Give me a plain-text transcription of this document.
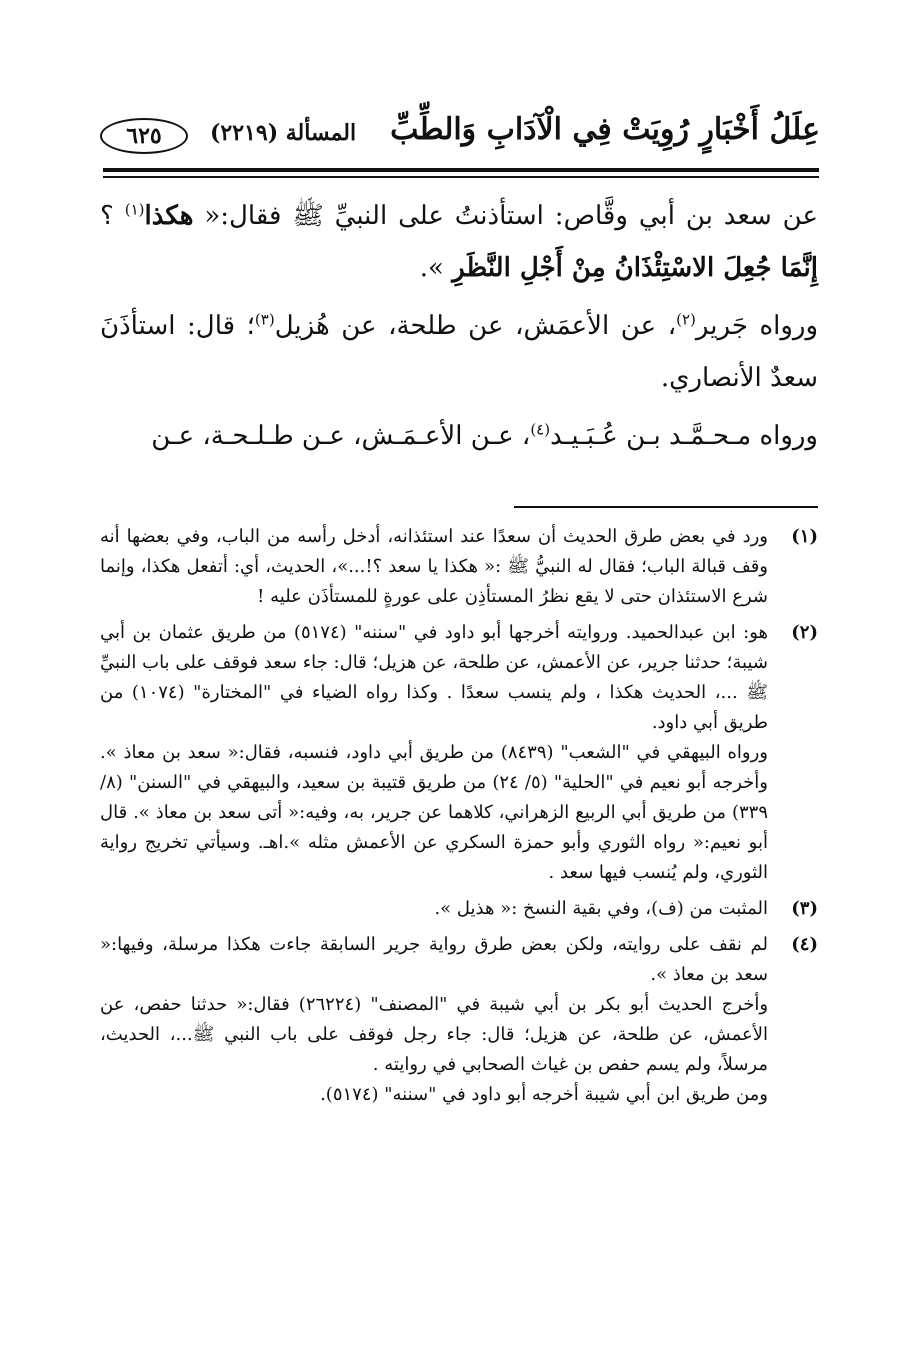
عِلَلُ أَخْبَارٍ رُوِيَتْ فِي الْآدَابِ وَالطِّبِّ
المسألة (٢٢١٩)
٦٢٥

عن سعد بن أبي وقَّاص: استأذنتُ على النبيِّ ﷺ فقال:« هكذا$^{(١)}$ ؟ إِنَّمَا جُعِلَ الاسْتِئْذَانُ مِنْ أَجْلِ النَّظَرِ ».

ورواه جَرير$^{(٢)}$، عن الأعمَش، عن طلحة، عن هُزيل$^{(٣)}$؛ قال: استأذَنَ سعدٌ الأنصاري.

ورواه مـحـمَّـد بـن عُـبَـيـد$^{(٤)}$، عـن الأعـمَـش، عـن طـلـحـة، عـن

(١)

ورد في بعض طرق الحديث أن سعدًا عند استئذانه، أدخل رأسه من الباب، وفي بعضها أنه وقف قبالة الباب؛ فقال له النبيُّ ﷺ :« هكذا يا سعد ؟!...»، الحديث، أي: أتفعل هكذا، وإنما شرع الاستئذان حتى لا يقع نظرُ المستأذِن على عورةٍ للمستأذَن عليه !

(٢)

هو: ابن عبدالحميد. وروايته أخرجها أبو داود في "سننه" (٥١٧٤) من طريق عثمان بن أبي شيبة؛ حدثنا جرير، عن الأعمش، عن طلحة، عن هزيل؛ قال: جاء سعد فوقف على باب النبيِّ ﷺ ...، الحديث هكذا ، ولم ينسب سعدًا . وكذا رواه الضياء في "المختارة" (١٠٧٤) من طريق أبي داود.

ورواه البيهقي في "الشعب" (٨٤٣٩) من طريق أبي داود، فنسبه، فقال:« سعد بن معاذ ». وأخرجه أبو نعيم في "الحلية" (٥/ ٢٤) من طريق قتيبة بن سعيد، والبيهقي في "السنن" (٨/ ٣٣٩) من طريق أبي الربيع الزهراني، كلاهما عن جرير، به، وفيه:« أتى سعد بن معاذ ». قال أبو نعيم:« رواه الثوري وأبو حمزة السكري عن الأعمش مثله ».اهـ. وسيأتي تخريج رواية الثوري، ولم يُنسب فيها سعد .

(٣)

المثبت من (ف)، وفي بقية النسخ :« هذيل ».

(٤)

لم نقف على روايته، ولكن بعض طرق رواية جرير السابقة جاءت هكذا مرسلة، وفيها:« سعد بن معاذ ».

وأخرج الحديث أبو بكر بن أبي شيبة في "المصنف" (٢٦٢٢٤) فقال:« حدثنا حفص، عن الأعمش، عن طلحة، عن هزيل؛ قال: جاء رجل فوقف على باب النبي ﷺ...، الحديث، مرسلاً، ولم يسم حفص بن غياث الصحابي في روايته .

ومن طريق ابن أبي شيبة أخرجه أبو داود في "سننه" (٥١٧٤).
